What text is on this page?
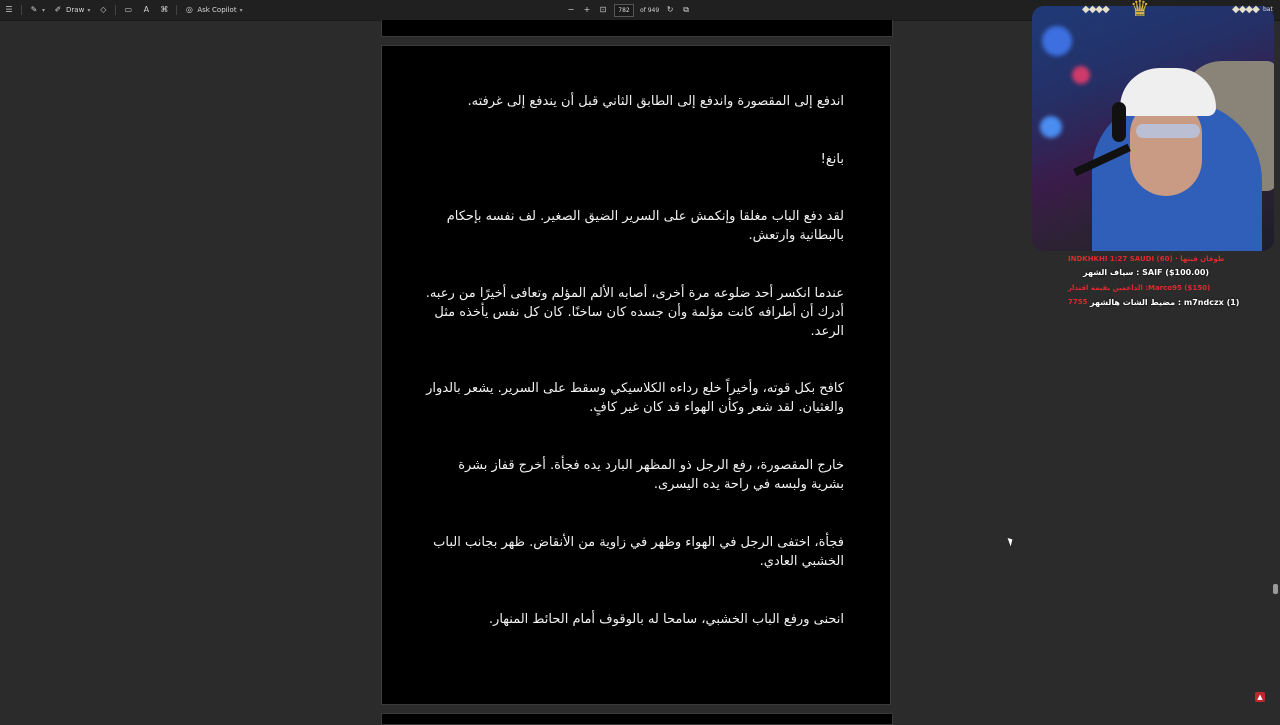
☰ ✎ ▾ ✐ Draw ▾ ◇ ▭ A ⌘ ◎ Ask Copilot ▾	− + ⊡
782	of 949 ↻ ⧉

اندفع إلى المقصورة واندفع إلى الطابق الثاني قبل أن يندفع إلى غرفته.

بانغ!

لقد دفع الباب مغلقا وإنكمش على السرير الضيق الصغير. لف نفسه بإحكام بالبطانية وارتعش.

عندما انكسر أحد ضلوعه مرة أخرى، أصابه الألم المؤلم وتعافى أخيرًا من رعبه. أدرك أن أطرافه كانت مؤلمة وأن جسده كان ساخنًا. كان كل نفس يأخذه مثل الرعد.

كافح بكل قوته، وأخيراً خلع رداءه الكلاسيكي وسقط على السرير. يشعر بالدوار والغثيان. لقد شعر وكأن الهواء قد كان غير كافٍ.

خارج المقصورة، رفع الرجل ذو المظهر البارد يده فجأة. أخرج قفاز بشرة بشرية ولبسه في راحة يده اليسرى.

فجأة، اختفى الرجل في الهواء وظهر في زاوية من الأنقاض. ظهر بجانب الباب الخشبي العادي.

انحنى ورفع الباب الخشبي، سامحا له بالوقوف أمام الحائط المنهار.

◆◆◆◆	◆◆◆◆
♛	bat
INDKHKHI 1:27 SAUDI (60) · طوفان قيتها
سياف الشهر : SAIF ($100.00)
الداعمين بقيمة اقتدار :Marco95 ($150)
7755 مضيط الشات هالشهر : m7ndczx (1)
▲
